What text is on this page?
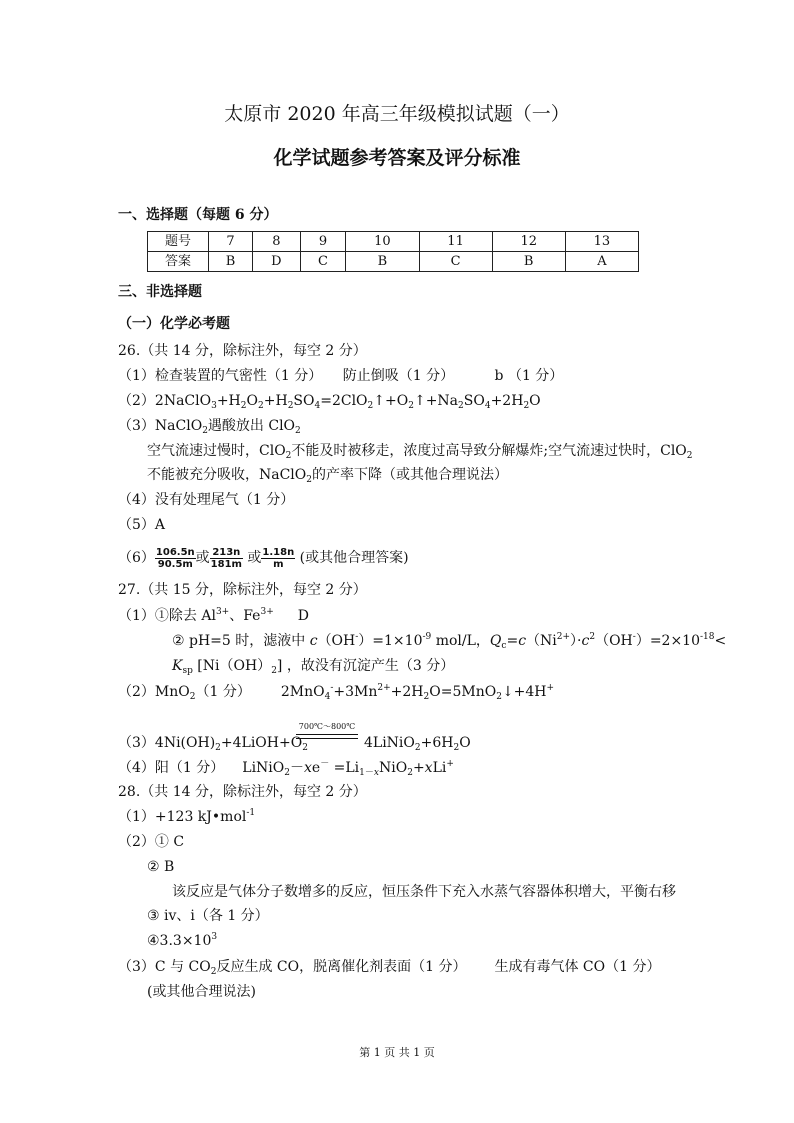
太原市 2020 年高三年级模拟试题（一）
化学试题参考答案及评分标准
一、选择题（每题 6 分）
题号	7	8	9	10	11	12	13
答案	B	D	C	B	C	B	A
三、非选择题
（一）化学必考题
26.（共 14 分，除标注外，每空 2 分）
（1）检查装置的气密性（1 分） 防止倒吸（1 分）	b （1 分）
$(2)2NaClO_3+H_2O_2+H_2SO_4=2ClO_2↑+O_2↑+Na_2SO_4+2H_2O$
（3）NaClO$_2$遇酸放出 ClO$_2$
空气流速过慢时，ClO$_2$不能及时被移走，浓度过高导致分解爆炸;空气流速过快时，ClO$_2$
不能被充分吸收，NaClO$_2$的产率下降（或其他合理说法）
（4）没有处理尾气（1 分）
（5）A
$(6) \frac{106.5n}{90.5m}$ 或 $\frac{213n}{181m}$ 或 $\frac{1.18n}{m}$ (或其他合理答案)
27.（共 15 分，除标注外，每空 2 分）
（1）①除去 $Al^{3+}$、$Fe^{3+}$ D
② pH=5 时，滤液中 $c(OH^-)=1\times 10^{-9}$ mol/L，$Q_c=c(Ni^{2+})\cdot c^2(OH^-)=2\times 10^{-18}<$
$K_{sp}$ $[Ni(OH)_2]$ ，故没有沉淀产生（3 分）
（2）MnO$_2$（1 分） $2MnO_4^-+3Mn^{2+}+2H_2O=5MnO_2↓+4H^+$
700℃～800℃
$(3)4Ni(OH)_2+4LiOH+O_2$	$4LiNiO_2+6H_2O$
（4）阳（1 分） LiNiO$_2$－xe－ $=Li_{1-x}NiO_2+xLi^+$
28.（共 14 分，除标注外，每空 2 分）
（1）+123 kJ•mol$^{-1}$
（2）① C
② B
该反应是气体分子数增多的反应，恒压条件下充入水蒸气容器体积增大，平衡右移
③ iv、i（各 1 分）
$④3.3\times 10^3$
（3）C 与 $CO_2$反应生成 CO，脱离催化剂表面（1 分） 生成有毒气体 CO（1 分）
(或其他合理说法)
第 1 页 共 1 页
